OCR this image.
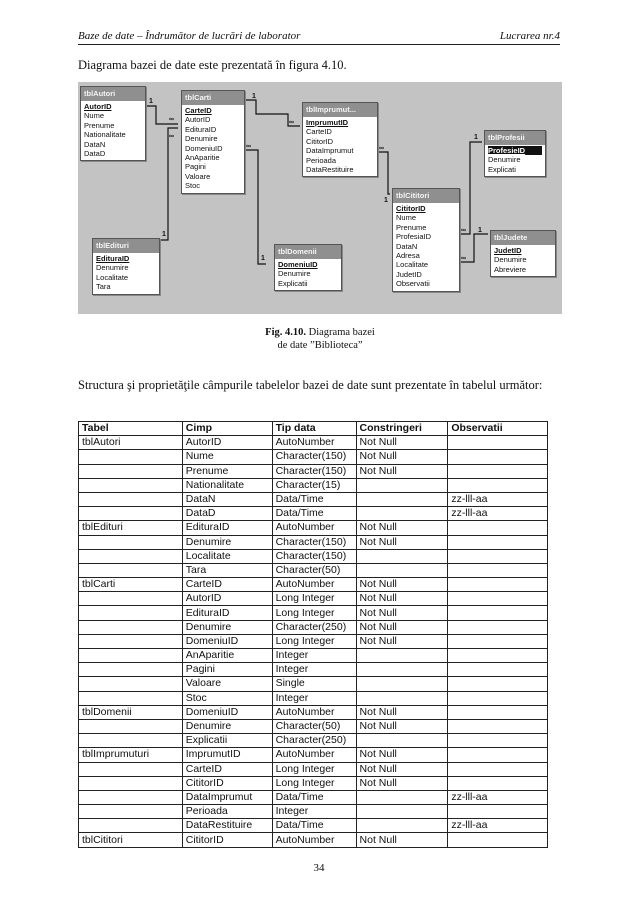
Baze de date – Îndrumător de lucrări de laborator	Lucrarea nr.4
Diagrama bazei de date este prezentată în figura 4.10.
1
∞
1
∞
1
∞
1
∞
1
∞
1
∞ 1
∞
tblAutori
AutorID
Nume
Prenume
Nationalitate
DataN
DataD
tblCarti
CarteID
AutorID
EdituraID
Denumire
DomeniuID
AnAparitie
Pagini
Valoare
Stoc
tblImprumut...
ImprumutID
CarteID
CititorID
DataImprumut
Perioada
DataRestituire
tblProfesii
ProfesieID
Denumire
Explicati
tblCititori
CititorID
Nume
Prenume
ProfesiaID
DataN
Adresa
Localitate
JudetID
Observatii
tblEdituri
EdituraID
Denumire
Localitate
Tara
tblDomenii
DomeniuID
Denumire
Explicatii
tblJudete
JudetID
Denumire
Abreviere
Fig. 4.10. Diagrama bazei
de date ”Biblioteca”
Structura şi proprietăţile câmpurile tabelelor bazei de date sunt prezentate în tabelul următor:
Tabel	Cimp	Tip data	Constringeri	Observatii
tblAutori	AutorID	AutoNumber	Not Null	
	Nume	Character(150)	Not Null	
	Prenume	Character(150)	Not Null	
	Nationalitate	Character(15)		
	DataN	Data/Time		zz-lll-aa
	DataD	Data/Time		zz-lll-aa
tblEdituri	EdituraID	AutoNumber	Not Null	
	Denumire	Character(150)	Not Null	
	Localitate	Character(150)		
	Tara	Character(50)		
tblCarti	CarteID	AutoNumber	Not Null	
	AutorID	Long Integer	Not Null	
	EdituraID	Long Integer	Not Null	
	Denumire	Character(250)	Not Null	
	DomeniuID	Long Integer	Not Null	
	AnAparitie	Integer		
	Pagini	Integer		
	Valoare	Single		
	Stoc	Integer		
tblDomenii	DomeniuID	AutoNumber	Not Null	
	Denumire	Character(50)	Not Null	
	Explicatii	Character(250)		
tblImprumuturi	ImprumutID	AutoNumber	Not Null	
	CarteID	Long Integer	Not Null	
	CititorID	Long Integer	Not Null	
	DataImprumut	Data/Time		zz-lll-aa
	Perioada	Integer		
	DataRestituire	Data/Time		zz-lll-aa
tblCititori	CititorID	AutoNumber	Not Null	
34
